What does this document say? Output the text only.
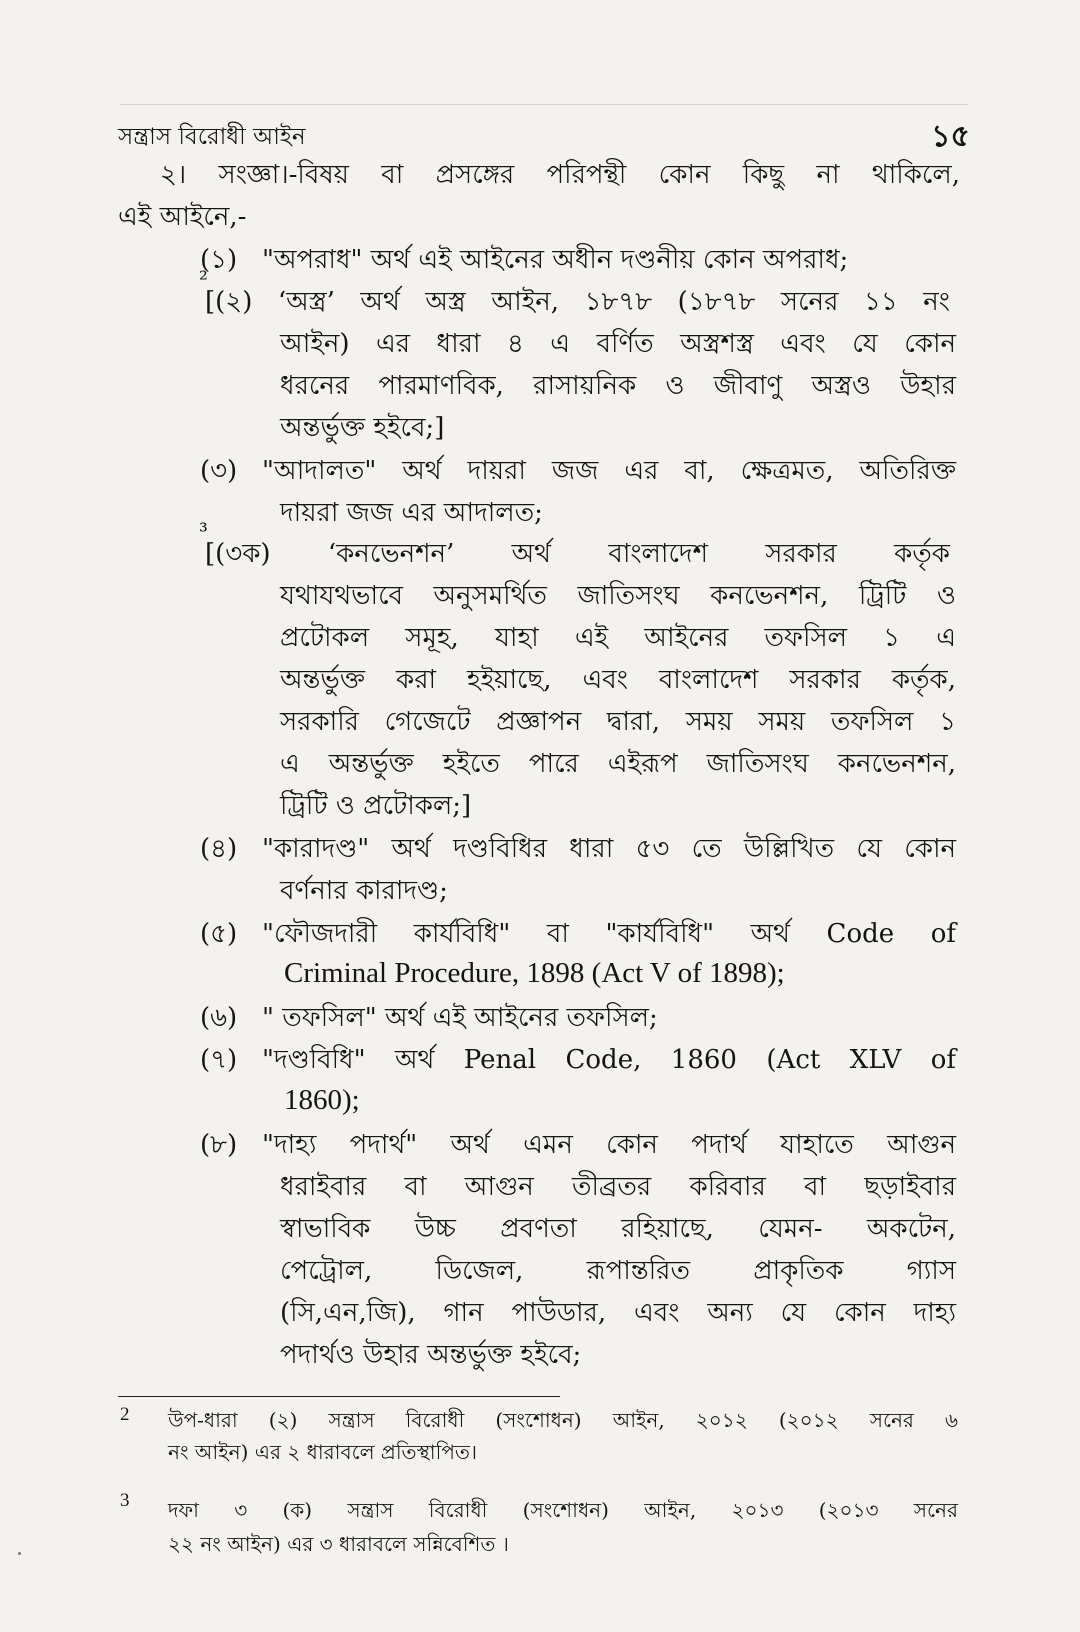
সন্ত্রাস বিরোধী আইন	১৫
২। সংজ্ঞা।-বিষয় বা প্রসঙ্গের পরিপন্থী কোন কিছু না থাকিলে,
এই আইনে,-
(১) "অপরাধ" অর্থ এই আইনের অধীন দণ্ডনীয় কোন অপরাধ;
²
[(২) ‘অস্ত্র’ অর্থ অস্ত্র আইন, ১৮৭৮ (১৮৭৮ সনের ১১ নং
আইন) এর ধারা ৪ এ বর্ণিত অস্ত্রশস্ত্র এবং যে কোন
ধরনের পারমাণবিক, রাসায়নিক ও জীবাণু অস্ত্রও উহার
অন্তর্ভুক্ত হইবে;]
(৩) "আদালত" অর্থ দায়রা জজ এর বা, ক্ষেত্রমত, অতিরিক্ত
দায়রা জজ এর আদালত;
³
[(৩ক) ‘কনভেনশন’ অর্থ বাংলাদেশ সরকার কর্তৃক
যথাযথভাবে অনুসমর্থিত জাতিসংঘ কনভেনশন, ট্রিটি ও
প্রটোকল সমূহ, যাহা এই আইনের তফসিল ১ এ
অন্তর্ভুক্ত করা হইয়াছে, এবং বাংলাদেশ সরকার কর্তৃক,
সরকারি গেজেটে প্রজ্ঞাপন দ্বারা, সময় সময় তফসিল ১
এ অন্তর্ভুক্ত হইতে পারে এইরূপ জাতিসংঘ কনভেনশন,
ট্রিটি ও প্রটোকল;]
(৪) "কারাদণ্ড" অর্থ দণ্ডবিধির ধারা ৫৩ তে উল্লিখিত যে কোন
বর্ণনার কারাদণ্ড;
(৫) "ফৌজদারী কার্যবিধি" বা "কার্যবিধি" অর্থ Code of
Criminal Procedure, 1898 (Act V of 1898);
(৬) " তফসিল" অর্থ এই আইনের তফসিল;
(৭) "দণ্ডবিধি" অর্থ Penal Code, 1860 (Act XLV of
1860);
(৮) "দাহ্য পদার্থ" অর্থ এমন কোন পদার্থ যাহাতে আগুন
ধরাইবার বা আগুন তীব্রতর করিবার বা ছড়াইবার
স্বাভাবিক উচ্চ প্রবণতা রহিয়াছে, যেমন- অকটেন,
পেট্রোল, ডিজেল, রূপান্তরিত প্রাকৃতিক গ্যাস
(সি,এন,জি), গান পাউডার, এবং অন্য যে কোন দাহ্য
পদার্থও উহার অন্তর্ভুক্ত হইবে;
2 উপ-ধারা (২) সন্ত্রাস বিরোধী (সংশোধন) আইন, ২০১২ (২০১২ সনের ৬
নং আইন) এর ২ ধারাবলে প্রতিস্থাপিত।
3 দফা ৩ (ক) সন্ত্রাস বিরোধী (সংশোধন) আইন, ২০১৩ (২০১৩ সনের
২২ নং আইন) এর ৩ ধারাবলে সন্নিবেশিত ।
